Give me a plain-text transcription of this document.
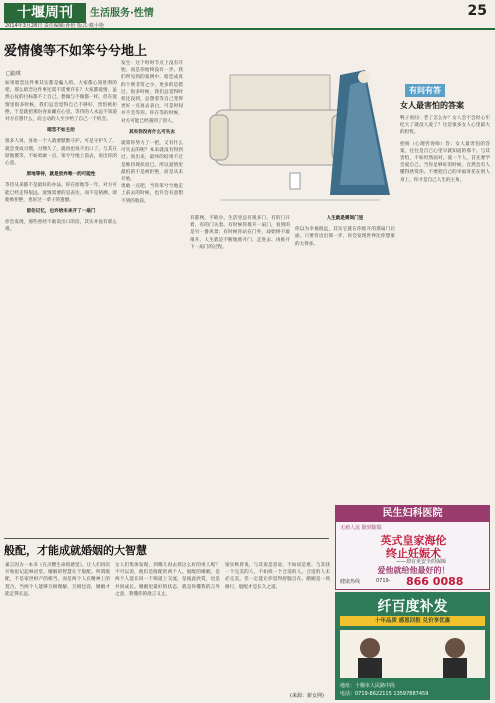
十堰周刊	生活服务·性情
2014年3月28日 责任编辑:孙怡 版式:蔡小艳
25
爱情傻等不如笨兮兮地上
□陆琪

如果暗恋这件事其实都是骗人的。大家都心知肚明的吧，那么暗恋这件事还需不需要存在？大家都爱情，虽然心仪的目标都不上自己，想做与不做都一样。但在爱情里很多时候，我们总会觉得自己不够好，害怕被拒绝，于是就把那份喜欢藏在心里。等待的人永远不知道对方在想什么，而主动的人至少给了自己一个机会。

暗恋不如主动

很多人说，喜欢一个人就要默默守护。可是守护久了，就会变成习惯，习惯久了，就再也说不出口了。与其在原地傻等，不如勇敢一点，笨兮兮地上前去，说出你的心意。

原地等待，就是放弃唯一的可能性

等待从来都不是最好的办法。你在原地等一年，对方可能已经走得很远。爱情需要的是表达，而不是猜测。即使被拒绝，也好过一辈子的遗憾。

留住记忆，也许给未来开了一扇门

你会发现，那些曾经不敢说出口的话，其实并没有那么难。

发生：这个时时节点上没有开始，而是你始终没有一步。我们所见到的案例中，暗恋成真的个例非常之少，更多的是错过。很多时候，我们总觉得时机还没到，总想着等自己变得更好一点再去表白，可是时间并不会等你。你在等的时候，对方可能已经遇到了别人。

其实你没有什么可失去

就算你努力了一把，又有什么可失去的呢？本来就没有得到过。说出来，最坏的结果不过是维持现状而已。所以爱情里最怕的不是被拒绝，而是从未开始。

勇敢一点吧，当你笨兮兮地走上前去的时候，也许会有意想不到的收获。

有问有答
女人最害怕的答案

鸭子看问：老了怎么办？女人会不会担心年纪大了就没人爱了？这是很多女人心里最大的担忧。

把杨（心理咨询师）答：女人最害怕的答案，往往是自己心里早就知道的那个。与其害怕，不如坦然面对。爱一个人，首先要学会爱自己。当你足够好的时候，自然会有人懂得欣赏你。不要把自己的幸福寄托在别人身上，你才是自己人生的主角。

有都网，不缺少。生活里总有很多门，有的门开着，有的门关着。有时候你推开一扇门，看到的是另一番风景；有时候你站在门外，却始终不敢推开。人生就是不断地推开门、走进去、再推开下一扇门的过程。

人生就是需间门里

你以为幸福很远，其实它就在你推开的那扇门后面。只要肯迈出那一步，你会发现世界比你想象的大得多。

般配，才能成就婚姻的大智慧

嘉言因为一本书《在点燃生命的感觉》，让人们再次开始思记起林语堂。婚姻的智慧在于般配。所谓般配，不是家世财产的相当，而是两个人在精神上的契合。当两个人能够互相理解、互相包容，婚姻才能走得长远。

女人们集体发现，到哪儿再去找这么好的男人呢？不可以说，他们是般配的两个人。般配的婚姻，是两个人能在同一个频道上交流，是彼此欣赏，也是共同成长。婚姻里最好的状态，就是你懂我的言外之意，我懂你的欲言又止。

梁实秋曾说，与其说是容易，不如说是难。与其找一个完美的人，不如找一个合适的人。合适的人未必完美，但一定能让你觉得舒服自在。婚姻是一场修行，般配才是长久之道。

(来源：新女网)
民生妇科医院
无痛人流 随到随做
英式皇家海伦
终止妊娠术
——却有更安全的保障
爱他就给他最好的！
健康热线	0719- 866 0088
纤百度补发
十年品质 感恩回报 兑价享优惠
地址：十堰市人民路中段
电话：0719-8622115 13597887459
